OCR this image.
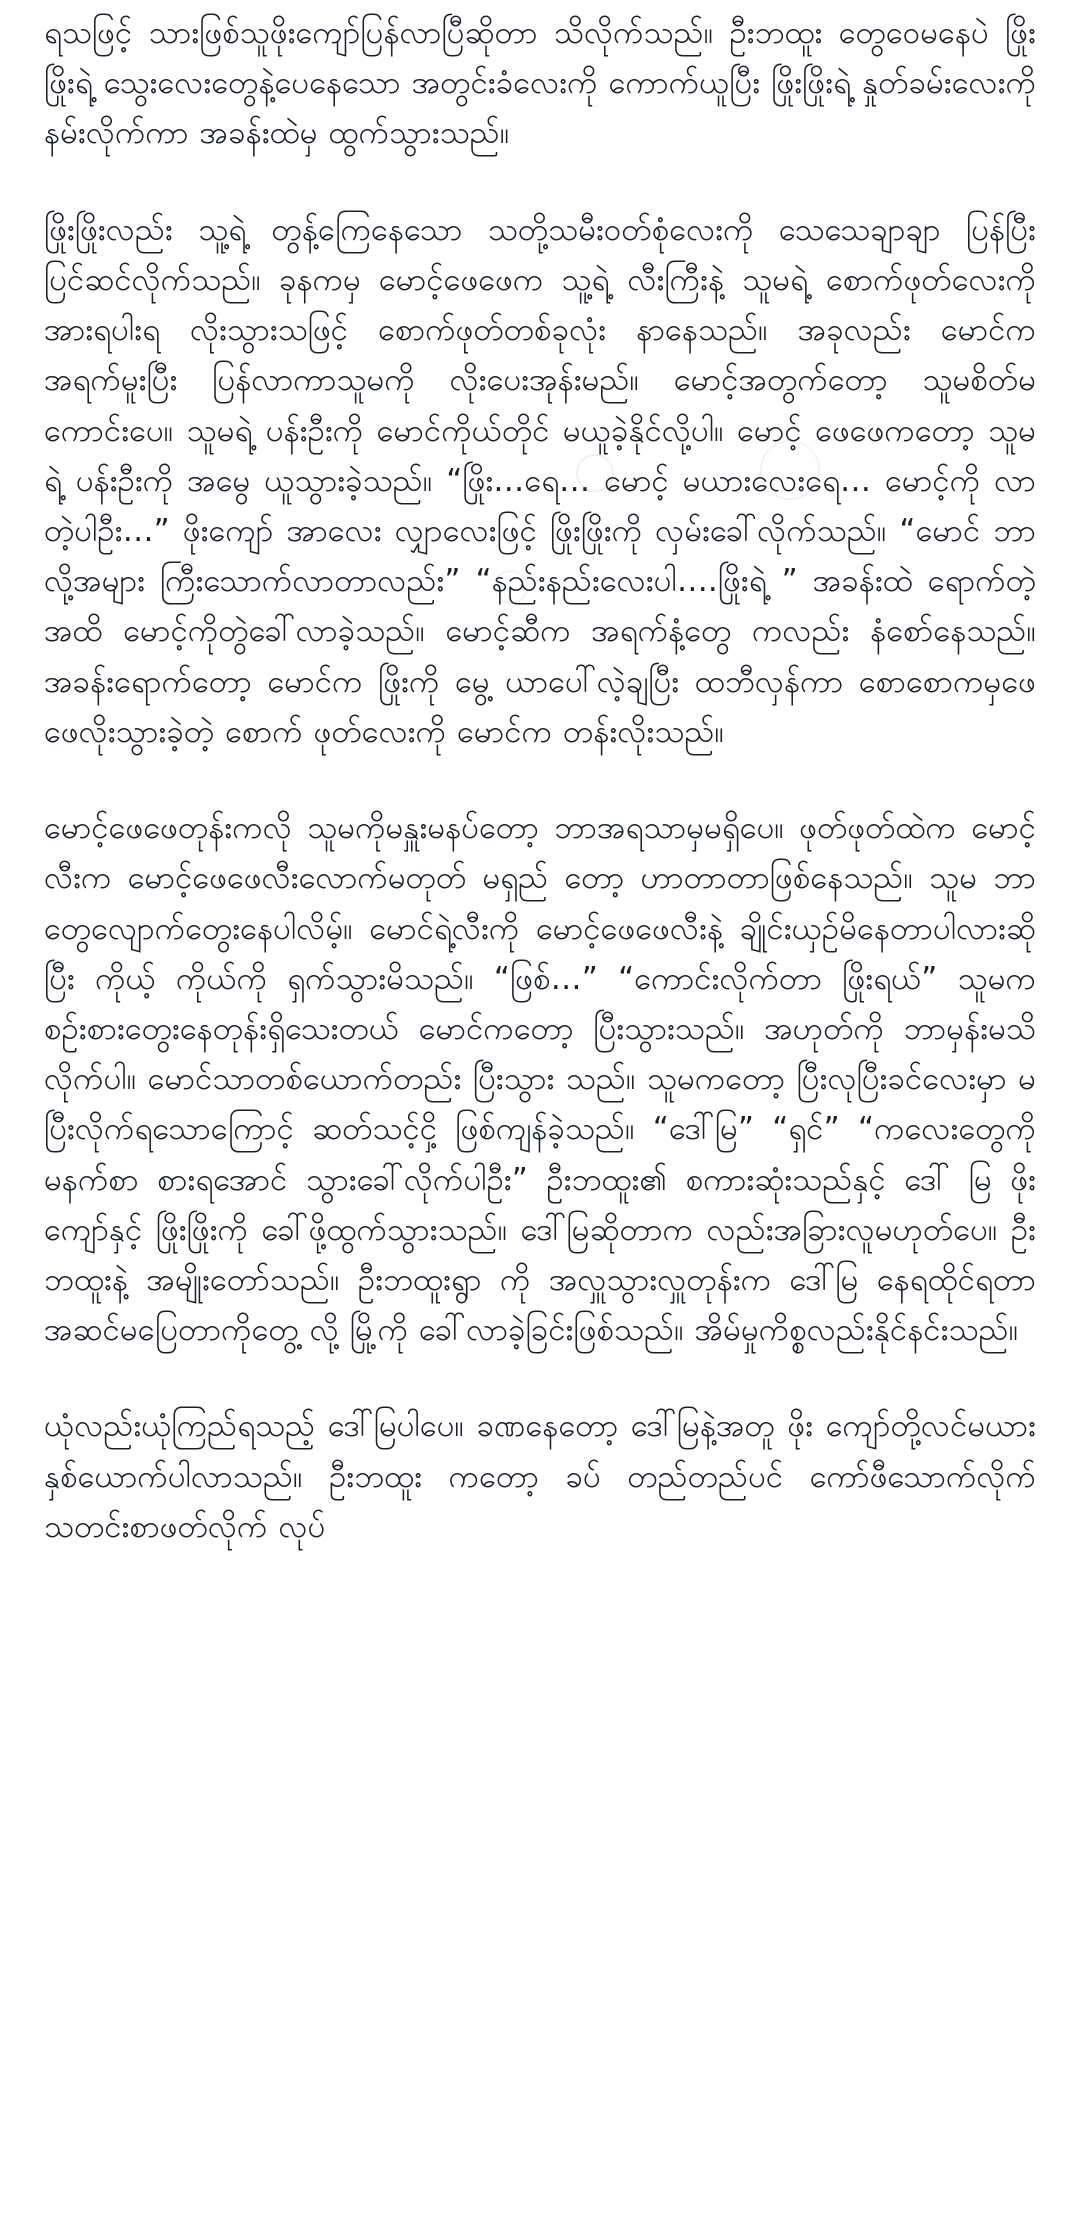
ရသဖြင့် သားဖြစ်သူဖိုးကျော်ပြန်လာပြီဆိုတာ သိလိုက်သည်။ ဦးဘထူး တွေဝေမနေပဲ ဖြိုးဖြိုးရဲ့ သွေးလေးတွေနဲ့ပေနေသော အတွင်းခံလေးကို ကောက်ယူပြီး ဖြိုးဖြိုးရဲ့ နှုတ်ခမ်းလေးကို နမ်းလိုက်ကာ အခန်းထဲမှ ထွက်သွားသည်။

ဖြိုးဖြိုးလည်း သူ့ရဲ့ တွန့်ကြေနေသော သတို့သမီးဝတ်စုံလေးကို သေသေချာချာ ပြန်ပြီး ပြင်ဆင်လိုက်သည်။ ခုနကမှ မောင့်ဖေဖေက သူ့ရဲ့ လီးကြီးနဲ့ သူမရဲ့ စောက်ဖုတ်လေးကို အားရပါးရ လိုးသွားသဖြင့် စောက်ဖုတ်တစ်ခုလုံး နာနေသည်။ အခုလည်း မောင်က အရက်မူးပြီး ပြန်လာကာသူမကို လိုးပေးအုန်းမည်။ မောင့်အတွက်တော့ သူမစိတ်မ ကောင်းပေ။ သူမရဲ့ ပန်းဦးကို မောင်ကိုယ်တိုင် မယူခဲ့နိုင်လို့ပါ။ မောင့် ဖေဖေကတော့ သူမရဲ့ ပန်းဦးကို အမွေ ယူသွားခဲ့သည်။ “ဖြိုး…ရေ… မောင့် မယားလေးရေ… မောင့်ကို လာတဲ့ပါဦး…” ဖိုးကျော် အာလေး လျှာလေးဖြင့် ဖြိုးဖြိုးကို လှမ်းခေါ်လိုက်သည်။ “မောင် ဘာလို့အများ ကြီးသောက်လာတာလည်း” “နည်းနည်းလေးပါ….ဖြိုးရဲ့ ” အခန်းထဲ ရောက်တဲ့အထိ မောင့်ကိုတွဲခေါ်လာခဲ့သည်။ မောင့်ဆီက အရက်နံ့တွေ ကလည်း နံစော်နေသည်။ အခန်းရောက်တော့ မောင်က ဖြိုးကို မွေ့ ယာပေါ်လဲ့ချပြီး ထဘီလှန်ကာ စောစောကမှဖေဖေလိုးသွားခဲ့တဲ့ စောက် ဖုတ်လေးကို မောင်က တန်းလိုးသည်။

မောင့်ဖေဖေတုန်းကလို သူမကိုမနှူးမနပ်တော့ ဘာအရသာမှမရှိပေ။ ဖုတ်ဖုတ်ထဲက မောင့်လီးက မောင့်ဖေဖေလီးလောက်မတုတ် မရှည် တော့ ဟာတာတာဖြစ်နေသည်။ သူမ ဘာတွေလျောက်တွေးနေပါလိမ့်။ မောင်ရဲ့လီးကို မောင့်ဖေဖေလီးနဲ့ ချိုင်းယှဉ်မိနေတာပါလားဆိုပြီး ကိုယ့် ကိုယ်ကို ရှက်သွားမိသည်။ “ဖြစ်…” “ကောင်းလိုက်တာ ဖြိုးရယ်” သူမက စဉ်းစားတွေးနေတုန်းရှိသေးတယ် မောင်ကတော့ ပြီးသွားသည်။ အဟုတ်ကို ဘာမှန်းမသိလိုက်ပါ။ မောင်သာတစ်ယောက်တည်း ပြီးသွား သည်။ သူမကတော့ ပြီးလုပြီးခင်လေးမှာ မပြီးလိုက်ရသောကြောင့် ဆတ်သင့်ငှိ့ ဖြစ်ကျန်ခဲ့သည်။ “ဒေါ်မြ” “ရှင်” “ကလေးတွေကို မနက်စာ စားရအောင် သွားခေါ်လိုက်ပါဦး” ဦးဘထူး၏ စကားဆုံးသည်နှင့် ဒေါ် မြ ဖိုးကျော်နှင့် ဖြိုးဖြိုးကို ခေါ်ဖို့ထွက်သွားသည်။ ဒေါ်မြဆိုတာက လည်းအခြားလူမဟုတ်ပေ။ ဦးဘထူးနဲ့ အမျိုးတော်သည်။ ဦးဘထူးရွာ ကို အလှူသွားလှူတုန်းက ဒေါ်မြ နေရထိုင်ရတာ အဆင်မပြေတာကိုတွေ့ လို့ မြို့ကို ခေါ်လာခဲ့ခြင်းဖြစ်သည်။ အိမ်မှုကိစ္စလည်းနိုင်နင်းသည်။

ယုံလည်းယုံကြည်ရသည့် ဒေါ်မြပါပေ။ ခဏနေတော့ ဒေါ်မြနဲ့အတူ ဖိုး ကျော်တို့လင်မယားနှစ်ယောက်ပါလာသည်။ ဦးဘထူး ကတော့ ခပ် တည်တည်ပင် ကော်ဖီသောက်လိုက် သတင်းစာဖတ်လိုက် လုပ်
